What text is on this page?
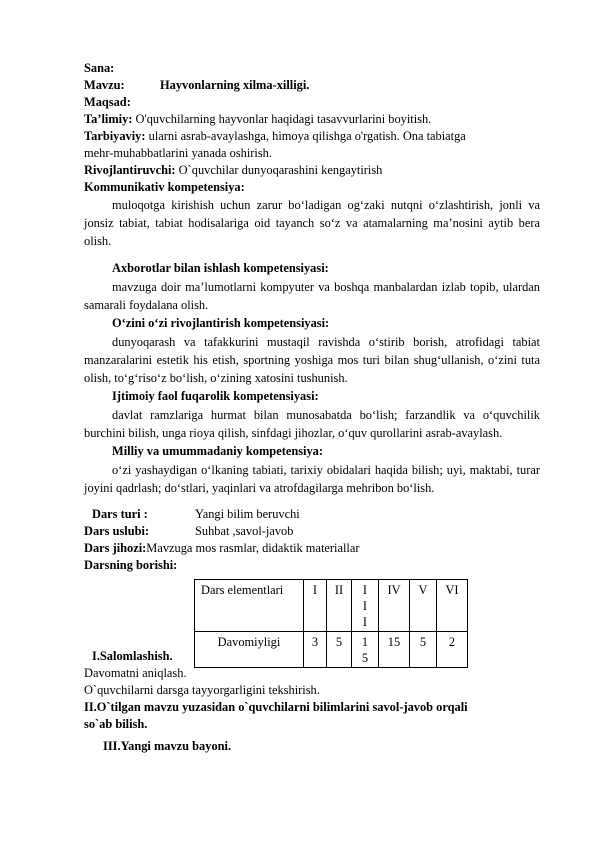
Sana:
Mavzu:	Hayvonlarning xilma-xilligi.
Maqsad:
Ta’limiy: O'quvchilarning hayvonlar haqidagi tasavvurlarini boyitish.
Tarbiyaviy: ularni asrab-avaylashga, himoya qilishga o'rgatish. Ona tabiatga
mehr-muhabbatlarini yanada oshirish.
Rivojlantiruvchi: O`quvchilar dunyoqarashini kengaytirish
Kommunikativ kompetensiya:
muloqotga kirishish uchun zarur bo‘ladigan og‘zaki nutqni o‘zlashtirish, jonli va jonsiz tabiat, tabiat hodisalariga oid tayanch so‘z va atamalarning ma’nosini aytib bera olish.
Axborotlar bilan ishlash kompetensiyasi:
mavzuga doir ma’lumotlarni kompyuter va boshqa manbalardan izlab topib, ulardan samarali foydalana olish.
O‘zini o‘zi rivojlantirish kompetensiyasi:
dunyoqarash va tafakkurini mustaqil ravishda o‘stirib borish, atrofidagi tabiat manzaralarini estetik his etish, sportning yoshiga mos turi bilan shug‘ullanish, o‘zini tuta olish, to‘g‘riso‘z bo‘lish, o‘zining xatosini tushunish.
Ijtimoiy faol fuqarolik kompetensiyasi:
davlat ramzlariga hurmat bilan munosabatda bo‘lish; farzandlik va o‘quvchilik burchini bilish, unga rioya qilish, sinfdagi jihozlar, o‘quv qurollarini asrab-avaylash.
Milliy va umummadaniy kompetensiya:
o‘zi yashaydigan o‘lkaning tabiati, tarixiy obidalari haqida bilish; uyi, maktabi, turar joyini qadrlash; do‘stlari, yaqinlari va atrofdagilarga mehribon bo‘lish.
Dars turi :	Yangi bilim beruvchi
Dars uslubi:	Suhbat ,savol-javob
Dars jihozi:Mavzuga mos rasmlar, didaktik materiallar
Darsning borishi:
Dars elementlari	I	II	III	IV	V	VI
Davomiyligi	3	5	15	15	5	2
I.Salomlashish.
Davomatni aniqlash.
O`quvchilarni darsga tayyorgarligini tekshirish.
II.O`tilgan mavzu yuzasidan o`quvchilarni bilimlarini savol-javob orqali
so`ab bilish.
III.Yangi mavzu bayoni.
